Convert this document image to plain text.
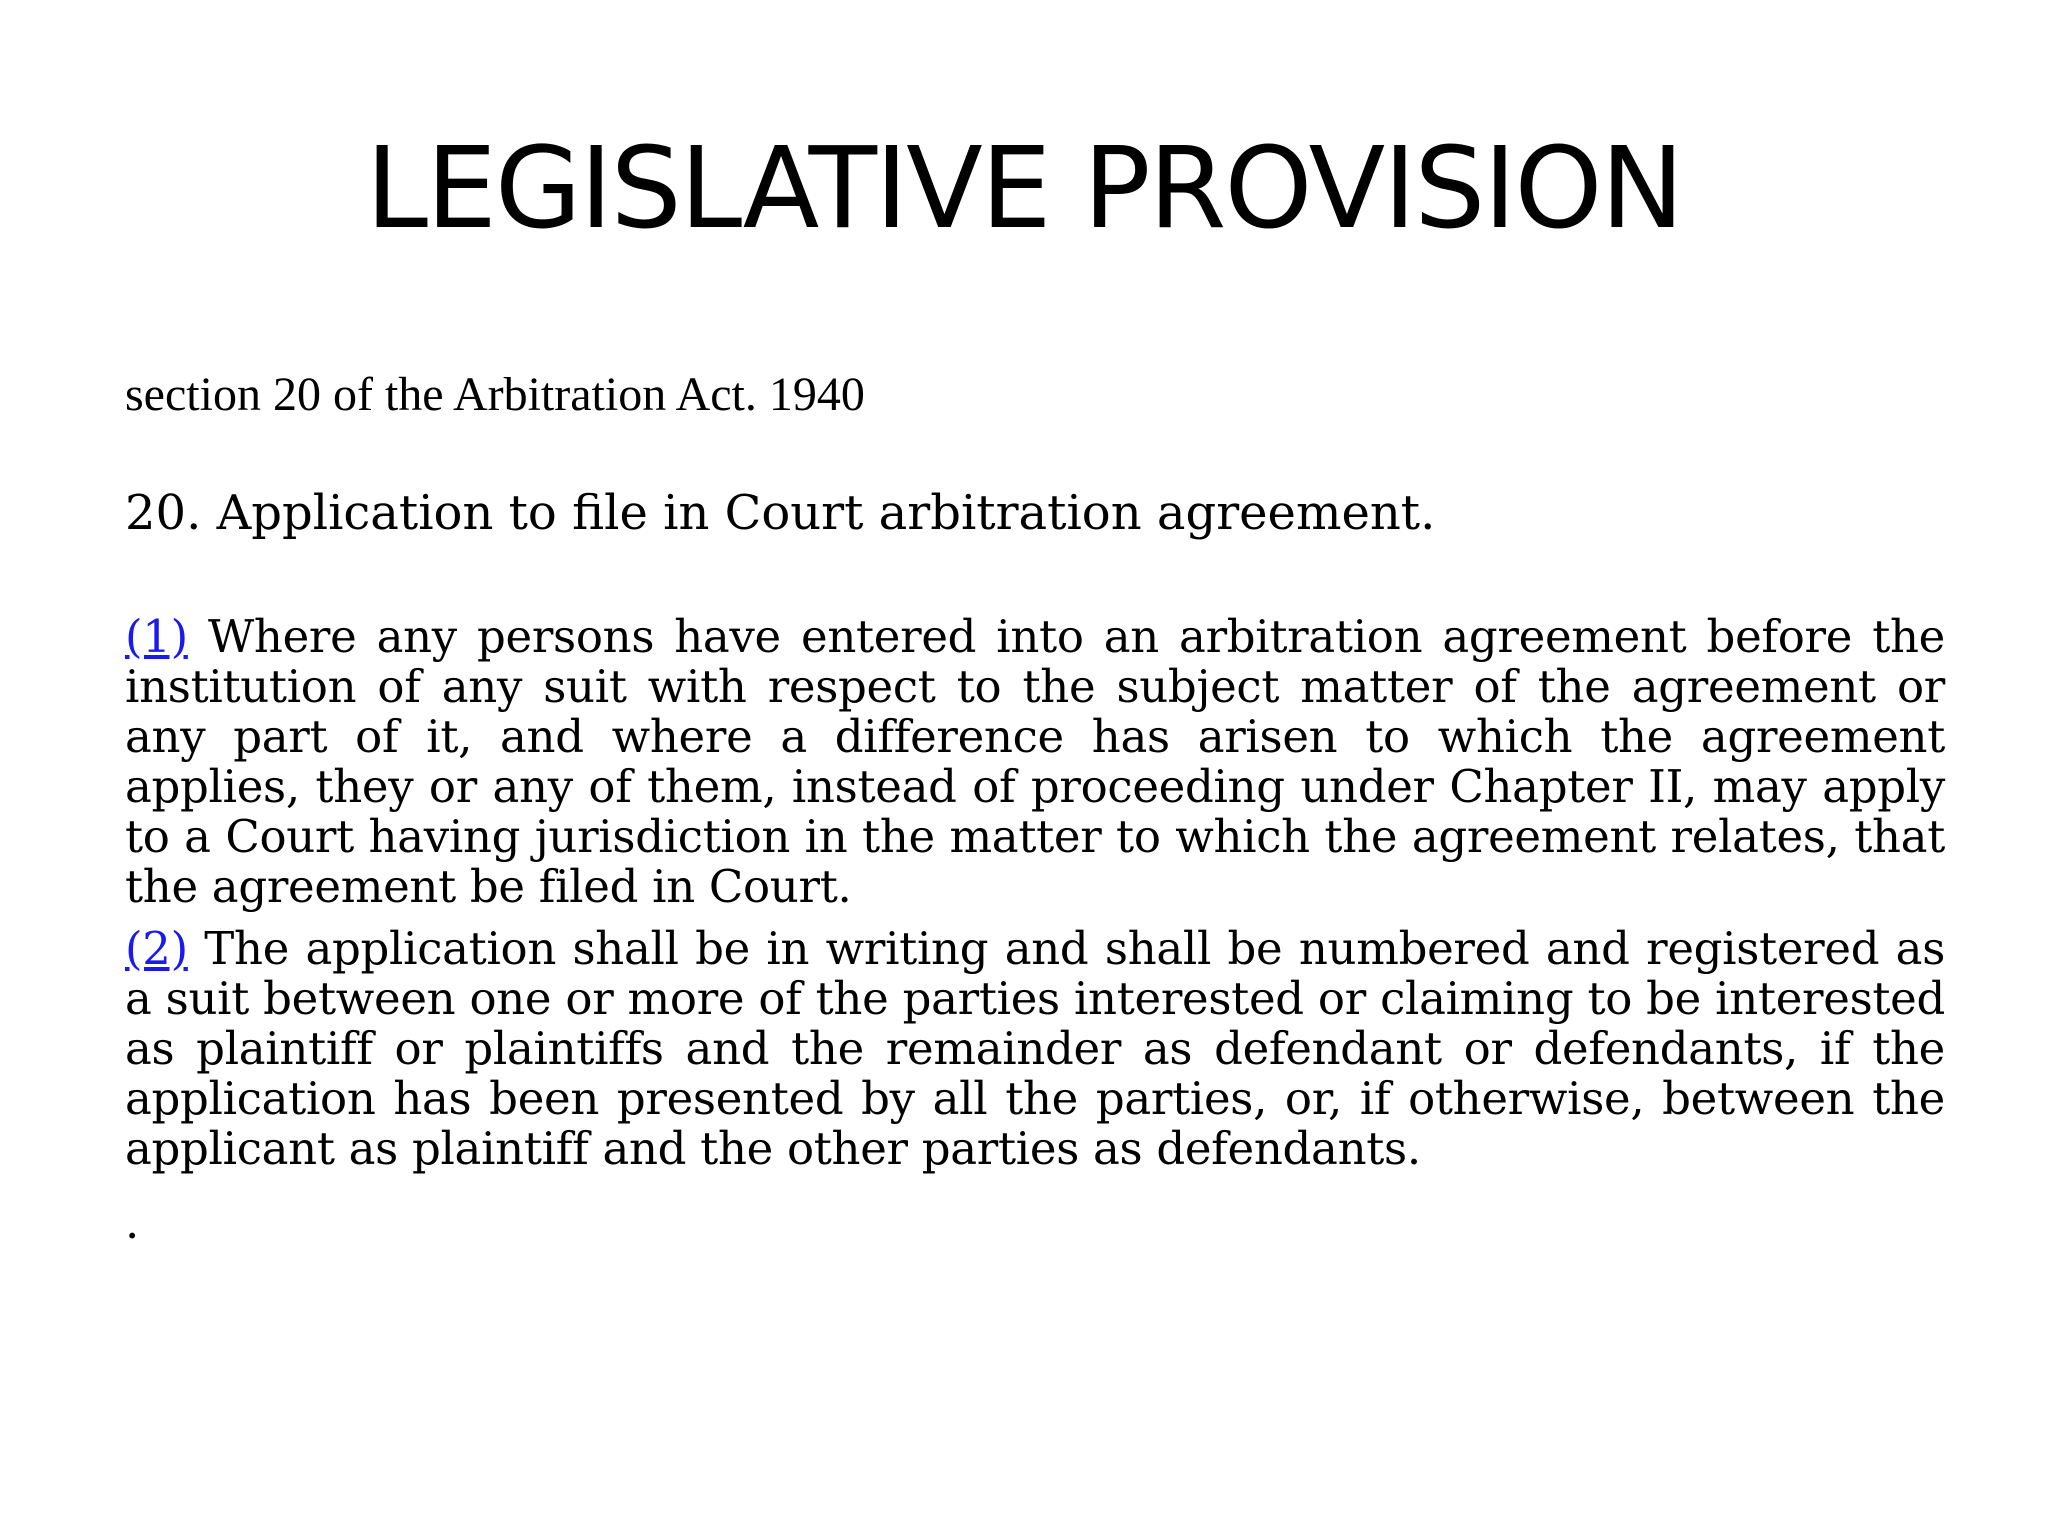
LEGISLATIVE PROVISION
section 20 of the Arbitration Act. 1940
20. Application to file in Court arbitration agreement.

(1) Where any persons have entered into an arbitration agreement before the institution of any suit with respect to the subject matter of the agreement or any part of it, and where a difference has arisen to which the agreement applies, they or any of them, instead of proceeding under Chapter II, may apply to a Court having jurisdiction in the matter to which the agreement relates, that the agreement be filed in Court.

(2) The application shall be in writing and shall be numbered and registered as a suit between one or more of the parties interested or claiming to be interested as plaintiff or plaintiffs and the remainder as defendant or defendants, if the application has been presented by all the parties, or, if otherwise, between the applicant as plaintiff and the other parties as defendants.

.
